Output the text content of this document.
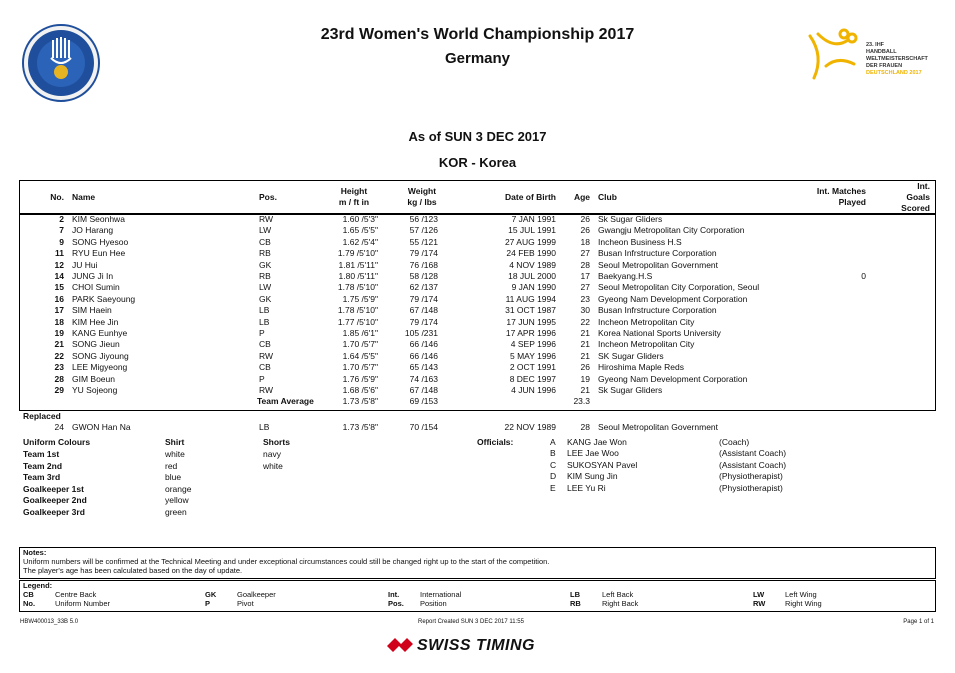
23. IHF
HANDBALL
WELTMEISTERSCHAFT
DER FRAUEN
DEUTSCHLAND 2017
23rd Women's World Championship 2017
Germany
As of SUN 3 DEC 2017
KOR - Korea
No. Name	Pos.
Height
m / ft in
Weight
kg / lbs	Date of Birth	Age Club
Int. Matches
Played
Int.
Goals
Scored
2 KIM Seonhwa	RW	1.60 /5'3"	56 /123	7 JAN 1991	26 Sk Sugar Gliders
7 JO Harang	LW	1.65 /5'5"	57 /126	15 JUL 1991	26 Gwangju Metropolitan City Corporation
9 SONG Hyesoo	CB	1.62 /5'4"	55 /121	27 AUG 1999	18 Incheon Business H.S
11 RYU Eun Hee	RB	1.79 /5'10"	79 /174	24 FEB 1990	27 Busan Infrstructure Corporation
12 JU Hui	GK	1.81 /5'11"	76 /168	4 NOV 1989	28 Seoul Metropolitan Government
14 JUNG Ji In	RB	1.80 /5'11"	58 /128	18 JUL 2000	17 Baekyang.H.S	0
15 CHOI Sumin	LW	1.78 /5'10"	62 /137	9 JAN 1990	27 Seoul Metropolitan City Corporation, Seoul
16 PARK Saeyoung	GK	1.75 /5'9"	79 /174	11 AUG 1994	23 Gyeong Nam Development Corporation
17 SIM Haein	LB	1.78 /5'10"	67 /148	31 OCT 1987	30 Busan Infrstructure Corporation
18 KIM Hee Jin	LB	1.77 /5'10"	79 /174	17 JUN 1995	22 Incheon Metropolitan City
19 KANG Eunhye	P	1.85 /6'1"	105 /231	17 APR 1996	21 Korea National Sports University
21 SONG Jieun	CB	1.70 /5'7"	66 /146	4 SEP 1996	21 Incheon Metropolitan City
22 SONG Jiyoung	RW	1.64 /5'5"	66 /146	5 MAY 1996	21 SK Sugar Gliders
23 LEE Migyeong	CB	1.70 /5'7"	65 /143	2 OCT 1991	26 Hiroshima Maple Reds
28 GIM Boeun	P	1.76 /5'9"	74 /163	8 DEC 1997	19 Gyeong Nam Development Corporation
29 YU Sojeong	RW	1.68 /5'6"	67 /148	4 JUN 1996	21 Sk Sugar Gliders
Team Average	1.73 /5'8"	69 /153	23.3
Replaced
24 GWON Han Na	LB	1.73 /5'8"	70 /154	22 NOV 1989	28 Seoul Metropolitan Government
Uniform Colours	Shirt	Shorts
Team 1st	white	navy
Team 2nd	red	white
Team 3rd	blue
Goalkeeper 1st	orange
Goalkeeper 2nd	yellow
Goalkeeper 3rd	green
Officials:	A KANG Jae Won	(Coach)
B LEE Jae Woo	(Assistant Coach)
C SUKOSYAN Pavel	(Assistant Coach)
D KIM Sung Jin	(Physiotherapist)
E LEE Yu Ri	(Physiotherapist)
Notes:
Uniform numbers will be confirmed at the Technical Meeting and under exceptional circumstances could still be changed right up to the start of the competition.
The player's age has been calculated based on the day of update.
Legend:
CB	Centre Back
No.	Uniform Number
GK	Goalkeeper
P	Pivot
Int.	International
Pos. Position
LB	Left Back
RB	Right Back
LW	Left Wing
RW	Right Wing
HBW400013_33B 5.0	Report Created SUN 3 DEC 2017 11:55	Page 1 of 1
SWISS TIMING
